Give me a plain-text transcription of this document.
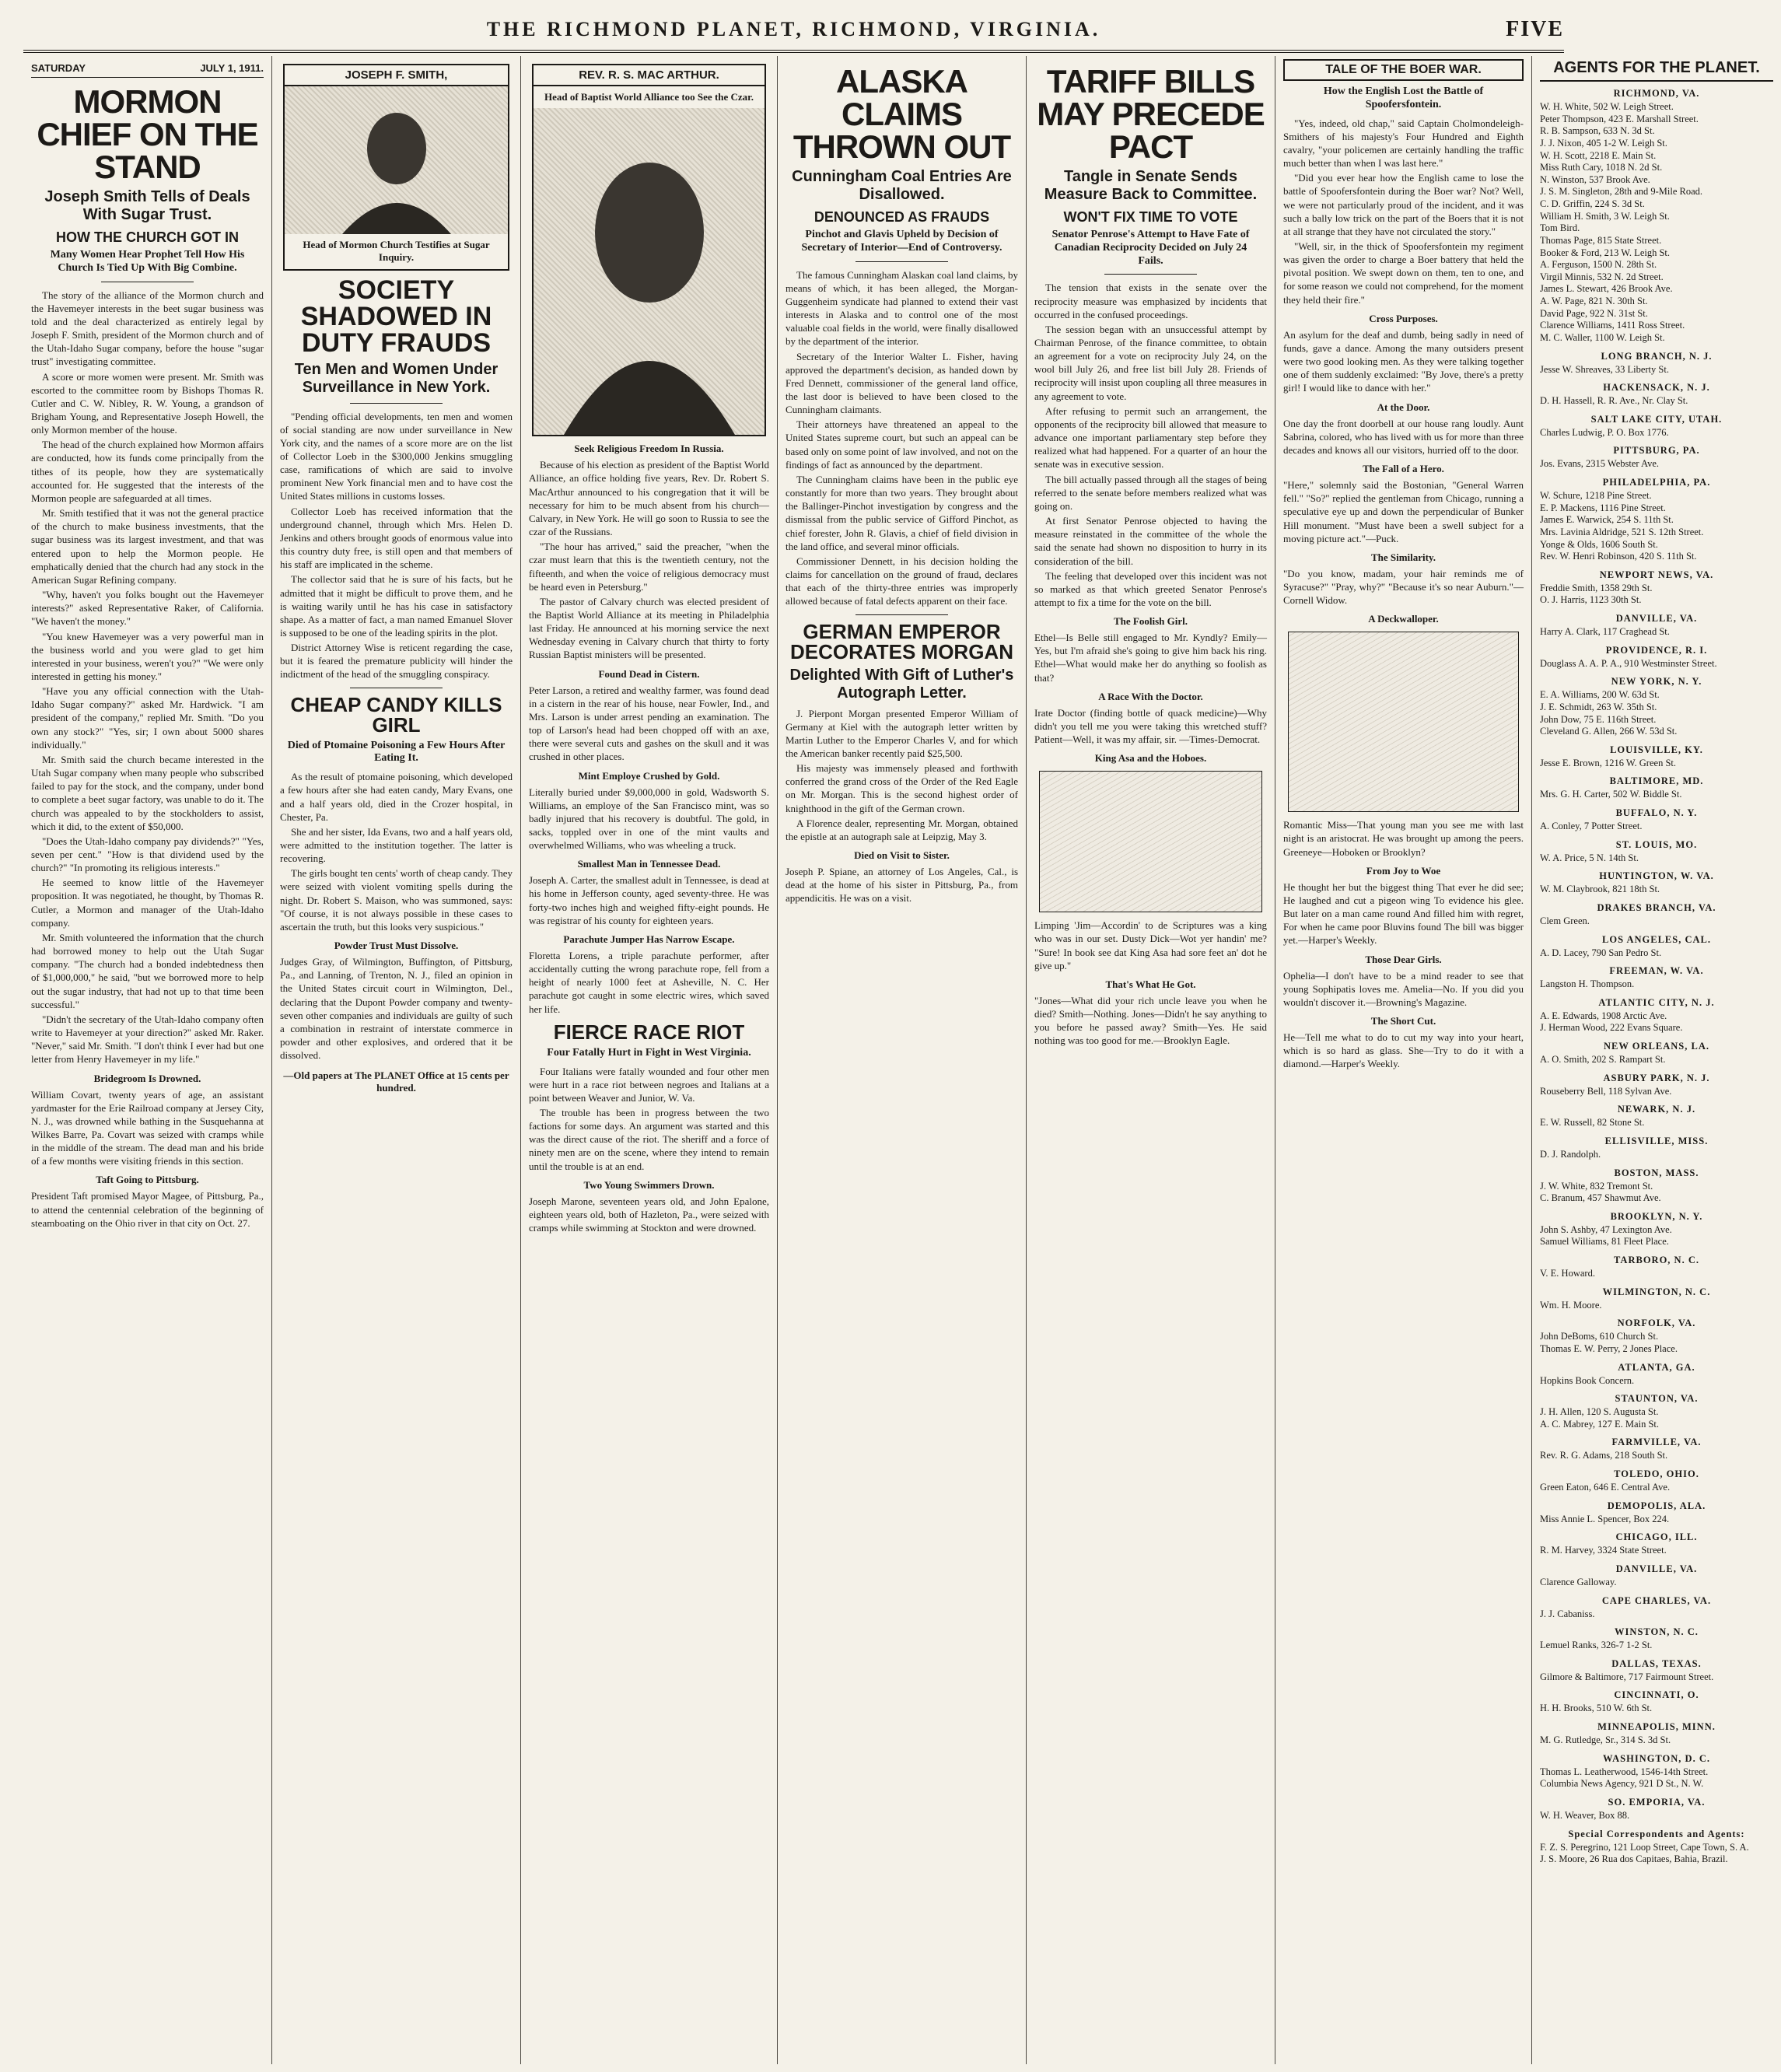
THE RICHMOND PLANET, RICHMOND, VIRGINIA.	FIVE
SATURDAY	JULY 1, 1911.
MORMON CHIEF ON THE STAND
Joseph Smith Tells of Deals With Sugar Trust.
HOW THE CHURCH GOT IN
Many Women Hear Prophet Tell How His Church Is Tied Up With Big Combine.

The story of the alliance of the Mormon church and the Havemeyer interests in the beet sugar business was told and the deal characterized as entirely legal by Joseph F. Smith, president of the Mormon church and of the Utah-Idaho Sugar company, before the house "sugar trust" investigating committee.

A score or more women were present. Mr. Smith was escorted to the committee room by Bishops Thomas R. Cutler and C. W. Nibley, R. W. Young, a grandson of Brigham Young, and Representative Joseph Howell, the only Mormon member of the house.

The head of the church explained how Mormon affairs are conducted, how its funds come principally from the tithes of its people, how they are systematically accounted for. He suggested that the interests of the Mormon people are safeguarded at all times.

Mr. Smith testified that it was not the general practice of the church to make business investments, that the sugar business was its largest investment, and that was entered upon to help the Mormon people. He emphatically denied that the church had any stock in the American Sugar Refining company.

"Why, haven't you folks bought out the Havemeyer interests?" asked Representative Raker, of California. "We haven't the money."

"You knew Havemeyer was a very powerful man in the business world and you were glad to get him interested in your business, weren't you?" "We were only interested in getting his money."

"Have you any official connection with the Utah-Idaho Sugar company?" asked Mr. Hardwick. "I am president of the company," replied Mr. Smith. "Do you own any stock?" "Yes, sir; I own about 5000 shares individually."

Mr. Smith said the church became interested in the Utah Sugar company when many people who subscribed failed to pay for the stock, and the company, under bond to complete a beet sugar factory, was unable to do it. The church was appealed to by the stockholders to assist, which it did, to the extent of $50,000.

"Does the Utah-Idaho company pay dividends?" "Yes, seven per cent." "How is that dividend used by the church?" "In promoting its religious interests."

He seemed to know little of the Havemeyer proposition. It was negotiated, he thought, by Thomas R. Cutler, a Mormon and manager of the Utah-Idaho company.

Mr. Smith volunteered the information that the church had borrowed money to help out the Utah Sugar company. "The church had a bonded indebtedness then of $1,000,000," he said, "but we borrowed more to help out the sugar industry, that had not up to that time been successful."

"Didn't the secretary of the Utah-Idaho company often write to Havemeyer at your direction?" asked Mr. Raker. "Never," said Mr. Smith. "I don't think I ever had but one letter from Henry Havemeyer in my life."

Bridegroom Is Drowned.
William Covart, twenty years of age, an assistant yardmaster for the Erie Railroad company at Jersey City, N. J., was drowned while bathing in the Susquehanna at Wilkes Barre, Pa. Covart was seized with cramps while in the middle of the stream. The dead man and his bride of a few months were visiting friends in this section.
Taft Going to Pittsburg.
President Taft promised Mayor Magee, of Pittsburg, Pa., to attend the centennial celebration of the beginning of steamboating on the Ohio river in that city on Oct. 27.
JOSEPH F. SMITH,
Head of Mormon Church Testifies at Sugar Inquiry.
SOCIETY SHADOWED IN DUTY FRAUDS
Ten Men and Women Under Surveillance in New York.

"Pending official developments, ten men and women of social standing are now under surveillance in New York city, and the names of a score more are on the list of Collector Loeb in the $300,000 Jenkins smuggling case, ramifications of which are said to involve prominent New York financial men and to have cost the United States millions in customs losses.

Collector Loeb has received information that the underground channel, through which Mrs. Helen D. Jenkins and others brought goods of enormous value into this country duty free, is still open and that members of his staff are implicated in the scheme.

The collector said that he is sure of his facts, but he admitted that it might be difficult to prove them, and he is waiting warily until he has his case in satisfactory shape. As a matter of fact, a man named Emanuel Slover is supposed to be one of the leading spirits in the plot.

District Attorney Wise is reticent regarding the case, but it is feared the premature publicity will hinder the indictment of the head of the smuggling conspiracy.

CHEAP CANDY KILLS GIRL
Died of Ptomaine Poisoning a Few Hours After Eating It.

As the result of ptomaine poisoning, which developed a few hours after she had eaten candy, Mary Evans, one and a half years old, died in the Crozer hospital, in Chester, Pa.

She and her sister, Ida Evans, two and a half years old, were admitted to the institution together. The latter is recovering.

The girls bought ten cents' worth of cheap candy. They were seized with violent vomiting spells during the night. Dr. Robert S. Maison, who was summoned, says: "Of course, it is not always possible in these cases to ascertain the truth, but this looks very suspicious."

Powder Trust Must Dissolve.
Judges Gray, of Wilmington, Buffington, of Pittsburg, Pa., and Lanning, of Trenton, N. J., filed an opinion in the United States circuit court in Wilmington, Del., declaring that the Dupont Powder company and twenty-seven other companies and individuals are guilty of such a combination in restraint of interstate commerce in powder and other explosives, and ordered that it be dissolved.
—Old papers at The PLANET Office at 15 cents per hundred.
REV. R. S. MAC ARTHUR.
Head of Baptist World Alliance too See the Czar.
Seek Religious Freedom In Russia.

Because of his election as president of the Baptist World Alliance, an office holding five years, Rev. Dr. Robert S. MacArthur announced to his congregation that it will be necessary for him to be much absent from his church—Calvary, in New York. He will go soon to Russia to see the czar of the Russians.

"The hour has arrived," said the preacher, "when the czar must learn that this is the twentieth century, not the fifteenth, and when the voice of religious democracy must be heard even in Petersburg."

The pastor of Calvary church was elected president of the Baptist World Alliance at its meeting in Philadelphia last Friday. He announced at his morning service the next Wednesday evening in Calvary church that thirty to forty Russian Baptist ministers will be presented.

Found Dead in Cistern.
Peter Larson, a retired and wealthy farmer, was found dead in a cistern in the rear of his house, near Fowler, Ind., and Mrs. Larson is under arrest pending an examination. The top of Larson's head had been chopped off with an axe, there were several cuts and gashes on the skull and it was crushed in other places.
Mint Employe Crushed by Gold.
Literally buried under $9,000,000 in gold, Wadsworth S. Williams, an employe of the San Francisco mint, was so badly injured that his recovery is doubtful. The gold, in sacks, toppled over in one of the mint vaults and overwhelmed Williams, who was wheeling a truck.
Smallest Man in Tennessee Dead.
Joseph A. Carter, the smallest adult in Tennessee, is dead at his home in Jefferson county, aged seventy-three. He was forty-two inches high and weighed fifty-eight pounds. He was registrar of his county for eighteen years.
Parachute Jumper Has Narrow Escape.
Floretta Lorens, a triple parachute performer, after accidentally cutting the wrong parachute rope, fell from a height of nearly 1000 feet at Asheville, N. C. Her parachute got caught in some electric wires, which saved her life.
FIERCE RACE RIOT
Four Fatally Hurt in Fight in West Virginia.

Four Italians were fatally wounded and four other men were hurt in a race riot between negroes and Italians at a point between Weaver and Junior, W. Va.

The trouble has been in progress between the two factions for some days. An argument was started and this was the direct cause of the riot. The sheriff and a force of ninety men are on the scene, where they intend to remain until the trouble is at an end.

Two Young Swimmers Drown.
Joseph Marone, seventeen years old, and John Epalone, eighteen years old, both of Hazleton, Pa., were seized with cramps while swimming at Stockton and were drowned.
ALASKA CLAIMS THROWN OUT
Cunningham Coal Entries Are Disallowed.
DENOUNCED AS FRAUDS
Pinchot and Glavis Upheld by Decision of Secretary of Interior—End of Controversy.

The famous Cunningham Alaskan coal land claims, by means of which, it has been alleged, the Morgan-Guggenheim syndicate had planned to extend their vast interests in Alaska and to control one of the most valuable coal fields in the world, were finally disallowed by the department of the interior.

Secretary of the Interior Walter L. Fisher, having approved the department's decision, as handed down by Fred Dennett, commissioner of the general land office, the last door is believed to have been closed to the Cunningham claimants.

Their attorneys have threatened an appeal to the United States supreme court, but such an appeal can be based only on some point of law involved, and not on the findings of fact as announced by the department.

The Cunningham claims have been in the public eye constantly for more than two years. They brought about the Ballinger-Pinchot investigation by congress and the dismissal from the public service of Gifford Pinchot, as chief forester, John R. Glavis, a chief of field division in the land office, and several minor officials.

Commissioner Dennett, in his decision holding the claims for cancellation on the ground of fraud, declares that each of the thirty-three entries was improperly allowed because of fatal defects apparent on their face.

GERMAN EMPEROR DECORATES MORGAN
Delighted With Gift of Luther's Autograph Letter.

J. Pierpont Morgan presented Emperor William of Germany at Kiel with the autograph letter written by Martin Luther to the Emperor Charles V, and for which the American banker recently paid $25,500.

His majesty was immensely pleased and forthwith conferred the grand cross of the Order of the Red Eagle on Mr. Morgan. This is the second highest order of knighthood in the gift of the German crown.

A Florence dealer, representing Mr. Morgan, obtained the epistle at an autograph sale at Leipzig, May 3.

Died on Visit to Sister.
Joseph P. Spiane, an attorney of Los Angeles, Cal., is dead at the home of his sister in Pittsburg, Pa., from appendicitis. He was on a visit.
TARIFF BILLS MAY PRECEDE PACT
Tangle in Senate Sends Measure Back to Committee.
WON'T FIX TIME TO VOTE
Senator Penrose's Attempt to Have Fate of Canadian Reciprocity Decided on July 24 Fails.

The tension that exists in the senate over the reciprocity measure was emphasized by incidents that occurred in the confused proceedings.

The session began with an unsuccessful attempt by Chairman Penrose, of the finance committee, to obtain an agreement for a vote on reciprocity July 24, on the wool bill July 26, and free list bill July 28. Friends of reciprocity will insist upon coupling all three measures in any agreement to vote.

After refusing to permit such an arrangement, the opponents of the reciprocity bill allowed that measure to advance one important parliamentary step before they realized what had happened. For a quarter of an hour the senate was in executive session.

The bill actually passed through all the stages of being referred to the senate before members realized what was going on.

At first Senator Penrose objected to having the measure reinstated in the committee of the whole the said the senate had shown no disposition to hurry in its consideration of the bill.

The feeling that developed over this incident was not so marked as that which greeted Senator Penrose's attempt to fix a time for the vote on the bill.

The Foolish Girl.
Ethel—Is Belle still engaged to Mr. Kyndly? Emily—Yes, but I'm afraid she's going to give him back his ring. Ethel—What would make her do anything so foolish as that?
A Race With the Doctor.
Irate Doctor (finding bottle of quack medicine)—Why didn't you tell me you were taking this wretched stuff? Patient—Well, it was my affair, sir. —Times-Democrat.
King Asa and the Hoboes.
Limping 'Jim—Accordin' to de Scriptures was a king who was in our set. Dusty Dick—Wot yer handin' me? "Sure! In book see dat King Asa had sore feet an' dot he give up."
That's What He Got.
"Jones—What did your rich uncle leave you when he died? Smith—Nothing. Jones—Didn't he say anything to you before he passed away? Smith—Yes. He said nothing was too good for me.—Brooklyn Eagle.
TALE OF THE BOER WAR.
How the English Lost the Battle of Spoofersfontein.

"Yes, indeed, old chap," said Captain Cholmondeleigh-Smithers of his majesty's Four Hundred and Eighth cavalry, "your policemen are certainly handling the traffic much better than when I was last here."

"Did you ever hear how the English came to lose the battle of Spoofersfontein during the Boer war? Not? Well, we were not particularly proud of the incident, and it was such a bally low trick on the part of the Boers that it is not at all strange that they have not circulated the story."

"Well, sir, in the thick of Spoofersfontein my regiment was given the order to charge a Boer battery that held the pivotal position. We swept down on them, ten to one, and for some reason we could not comprehend, for the moment they held their fire."

Cross Purposes.
An asylum for the deaf and dumb, being sadly in need of funds, gave a dance. Among the many outsiders present were two good looking men. As they were talking together one of them suddenly exclaimed: "By Jove, there's a pretty girl! I would like to dance with her."
At the Door.
One day the front doorbell at our house rang loudly. Aunt Sabrina, colored, who has lived with us for more than three decades and knows all our visitors, hurried off to the door.
The Fall of a Hero.
"Here," solemnly said the Bostonian, "General Warren fell." "So?" replied the gentleman from Chicago, running a speculative eye up and down the perpendicular of Bunker Hill monument. "Must have been a swell subject for a moving picture act."—Puck.
The Similarity.
"Do you know, madam, your hair reminds me of Syracuse?" "Pray, why?" "Because it's so near Auburn."—Cornell Widow.
A Deckwalloper.
Romantic Miss—That young man you see me with last night is an aristocrat. He was brought up among the peers. Greeneye—Hoboken or Brooklyn?
From Joy to Woe
He thought her but the biggest thing That ever he did see; He laughed and cut a pigeon wing To evidence his glee. But later on a man came round And filled him with regret, For when he came poor Bluvins found The bill was bigger yet.—Harper's Weekly.
Those Dear Girls.
Ophelia—I don't have to be a mind reader to see that young Sophipatis loves me. Amelia—No. If you did you wouldn't discover it.—Browning's Magazine.
The Short Cut.
He—Tell me what to do to cut my way into your heart, which is so hard as glass. She—Try to do it with a diamond.—Harper's Weekly.
AGENTS FOR THE PLANET.
RICHMOND, VA.
W. H. White, 502 W. Leigh Street.
Peter Thompson, 423 E. Marshall Street.
R. B. Sampson, 633 N. 3d St.
J. J. Nixon, 405 1-2 W. Leigh St.
W. H. Scott, 2218 E. Main St.
Miss Ruth Cary, 1018 N. 2d St.
N. Winston, 537 Brook Ave.
J. S. M. Singleton, 28th and 9-Mile Road.
C. D. Griffin, 224 S. 3d St.
William H. Smith, 3 W. Leigh St.
Tom Bird.
Thomas Page, 815 State Street.
Booker & Ford, 213 W. Leigh St.
A. Ferguson, 1500 N. 28th St.
Virgil Minnis, 532 N. 2d Street.
James L. Stewart, 426 Brook Ave.
A. W. Page, 821 N. 30th St.
David Page, 922 N. 31st St.
Clarence Williams, 1411 Ross Street.
M. C. Waller, 1100 W. Leigh St.
LONG BRANCH, N. J.
Jesse W. Shreaves, 33 Liberty St.
HACKENSACK, N. J.
D. H. Hassell, R. R. Ave., Nr. Clay St.
SALT LAKE CITY, UTAH.
Charles Ludwig, P. O. Box 1776.
PITTSBURG, PA.
Jos. Evans, 2315 Webster Ave.
PHILADELPHIA, PA.
W. Schure, 1218 Pine Street.
E. P. Mackens, 1116 Pine Street.
James E. Warwick, 254 S. 11th St.
Mrs. Lavinia Aldridge, 521 S. 12th Street.
Yonge & Olds, 1606 South St.
Rev. W. Henri Robinson, 420 S. 11th St.
NEWPORT NEWS, VA.
Freddie Smith, 1358 29th St.
O. J. Harris, 1123 30th St.
DANVILLE, VA.
Harry A. Clark, 117 Craghead St.
PROVIDENCE, R. I.
Douglass A. A. P. A., 910 Westminster Street.
NEW YORK, N. Y.
E. A. Williams, 200 W. 63d St.
J. E. Schmidt, 263 W. 35th St.
John Dow, 75 E. 116th Street.
Cleveland G. Allen, 266 W. 53d St.
LOUISVILLE, KY.
Jesse E. Brown, 1216 W. Green St.
BALTIMORE, MD.
Mrs. G. H. Carter, 502 W. Biddle St.
BUFFALO, N. Y.
A. Conley, 7 Potter Street.
ST. LOUIS, MO.
W. A. Price, 5 N. 14th St.
HUNTINGTON, W. VA.
W. M. Claybrook, 821 18th St.
DRAKES BRANCH, VA.
Clem Green.
LOS ANGELES, CAL.
A. D. Lacey, 790 San Pedro St.
FREEMAN, W. VA.
Langston H. Thompson.
ATLANTIC CITY, N. J.
A. E. Edwards, 1908 Arctic Ave.
J. Herman Wood, 222 Evans Square.
NEW ORLEANS, LA.
A. O. Smith, 202 S. Rampart St.
ASBURY PARK, N. J.
Rouseberry Bell, 118 Sylvan Ave.
NEWARK, N. J.
E. W. Russell, 82 Stone St.
ELLISVILLE, MISS.
D. J. Randolph.
BOSTON, MASS.
J. W. White, 832 Tremont St.
C. Branum, 457 Shawmut Ave.
BROOKLYN, N. Y.
John S. Ashby, 47 Lexington Ave.
Samuel Williams, 81 Fleet Place.
TARBORO, N. C.
V. E. Howard.
WILMINGTON, N. C.
Wm. H. Moore.
NORFOLK, VA.
John DeBoms, 610 Church St.
Thomas E. W. Perry, 2 Jones Place.
ATLANTA, GA.
Hopkins Book Concern.
STAUNTON, VA.
J. H. Allen, 120 S. Augusta St.
A. C. Mabrey, 127 E. Main St.
FARMVILLE, VA.
Rev. R. G. Adams, 218 South St.
TOLEDO, OHIO.
Green Eaton, 646 E. Central Ave.
DEMOPOLIS, ALA.
Miss Annie L. Spencer, Box 224.
CHICAGO, ILL.
R. M. Harvey, 3324 State Street.
DANVILLE, VA.
Clarence Galloway.
CAPE CHARLES, VA.
J. J. Cabaniss.
WINSTON, N. C.
Lemuel Ranks, 326-7 1-2 St.
DALLAS, TEXAS.
Gilmore & Baltimore, 717 Fairmount Street.
CINCINNATI, O.
H. H. Brooks, 510 W. 6th St.
MINNEAPOLIS, MINN.
M. G. Rutledge, Sr., 314 S. 3d St.
WASHINGTON, D. C.
Thomas L. Leatherwood, 1546-14th Street.
Columbia News Agency, 921 D St., N. W.
SO. EMPORIA, VA.
W. H. Weaver, Box 88.
Special Correspondents and Agents:
F. Z. S. Peregrino, 121 Loop Street, Cape Town, S. A.
J. S. Moore, 26 Rua dos Capitaes, Bahia, Brazil.
